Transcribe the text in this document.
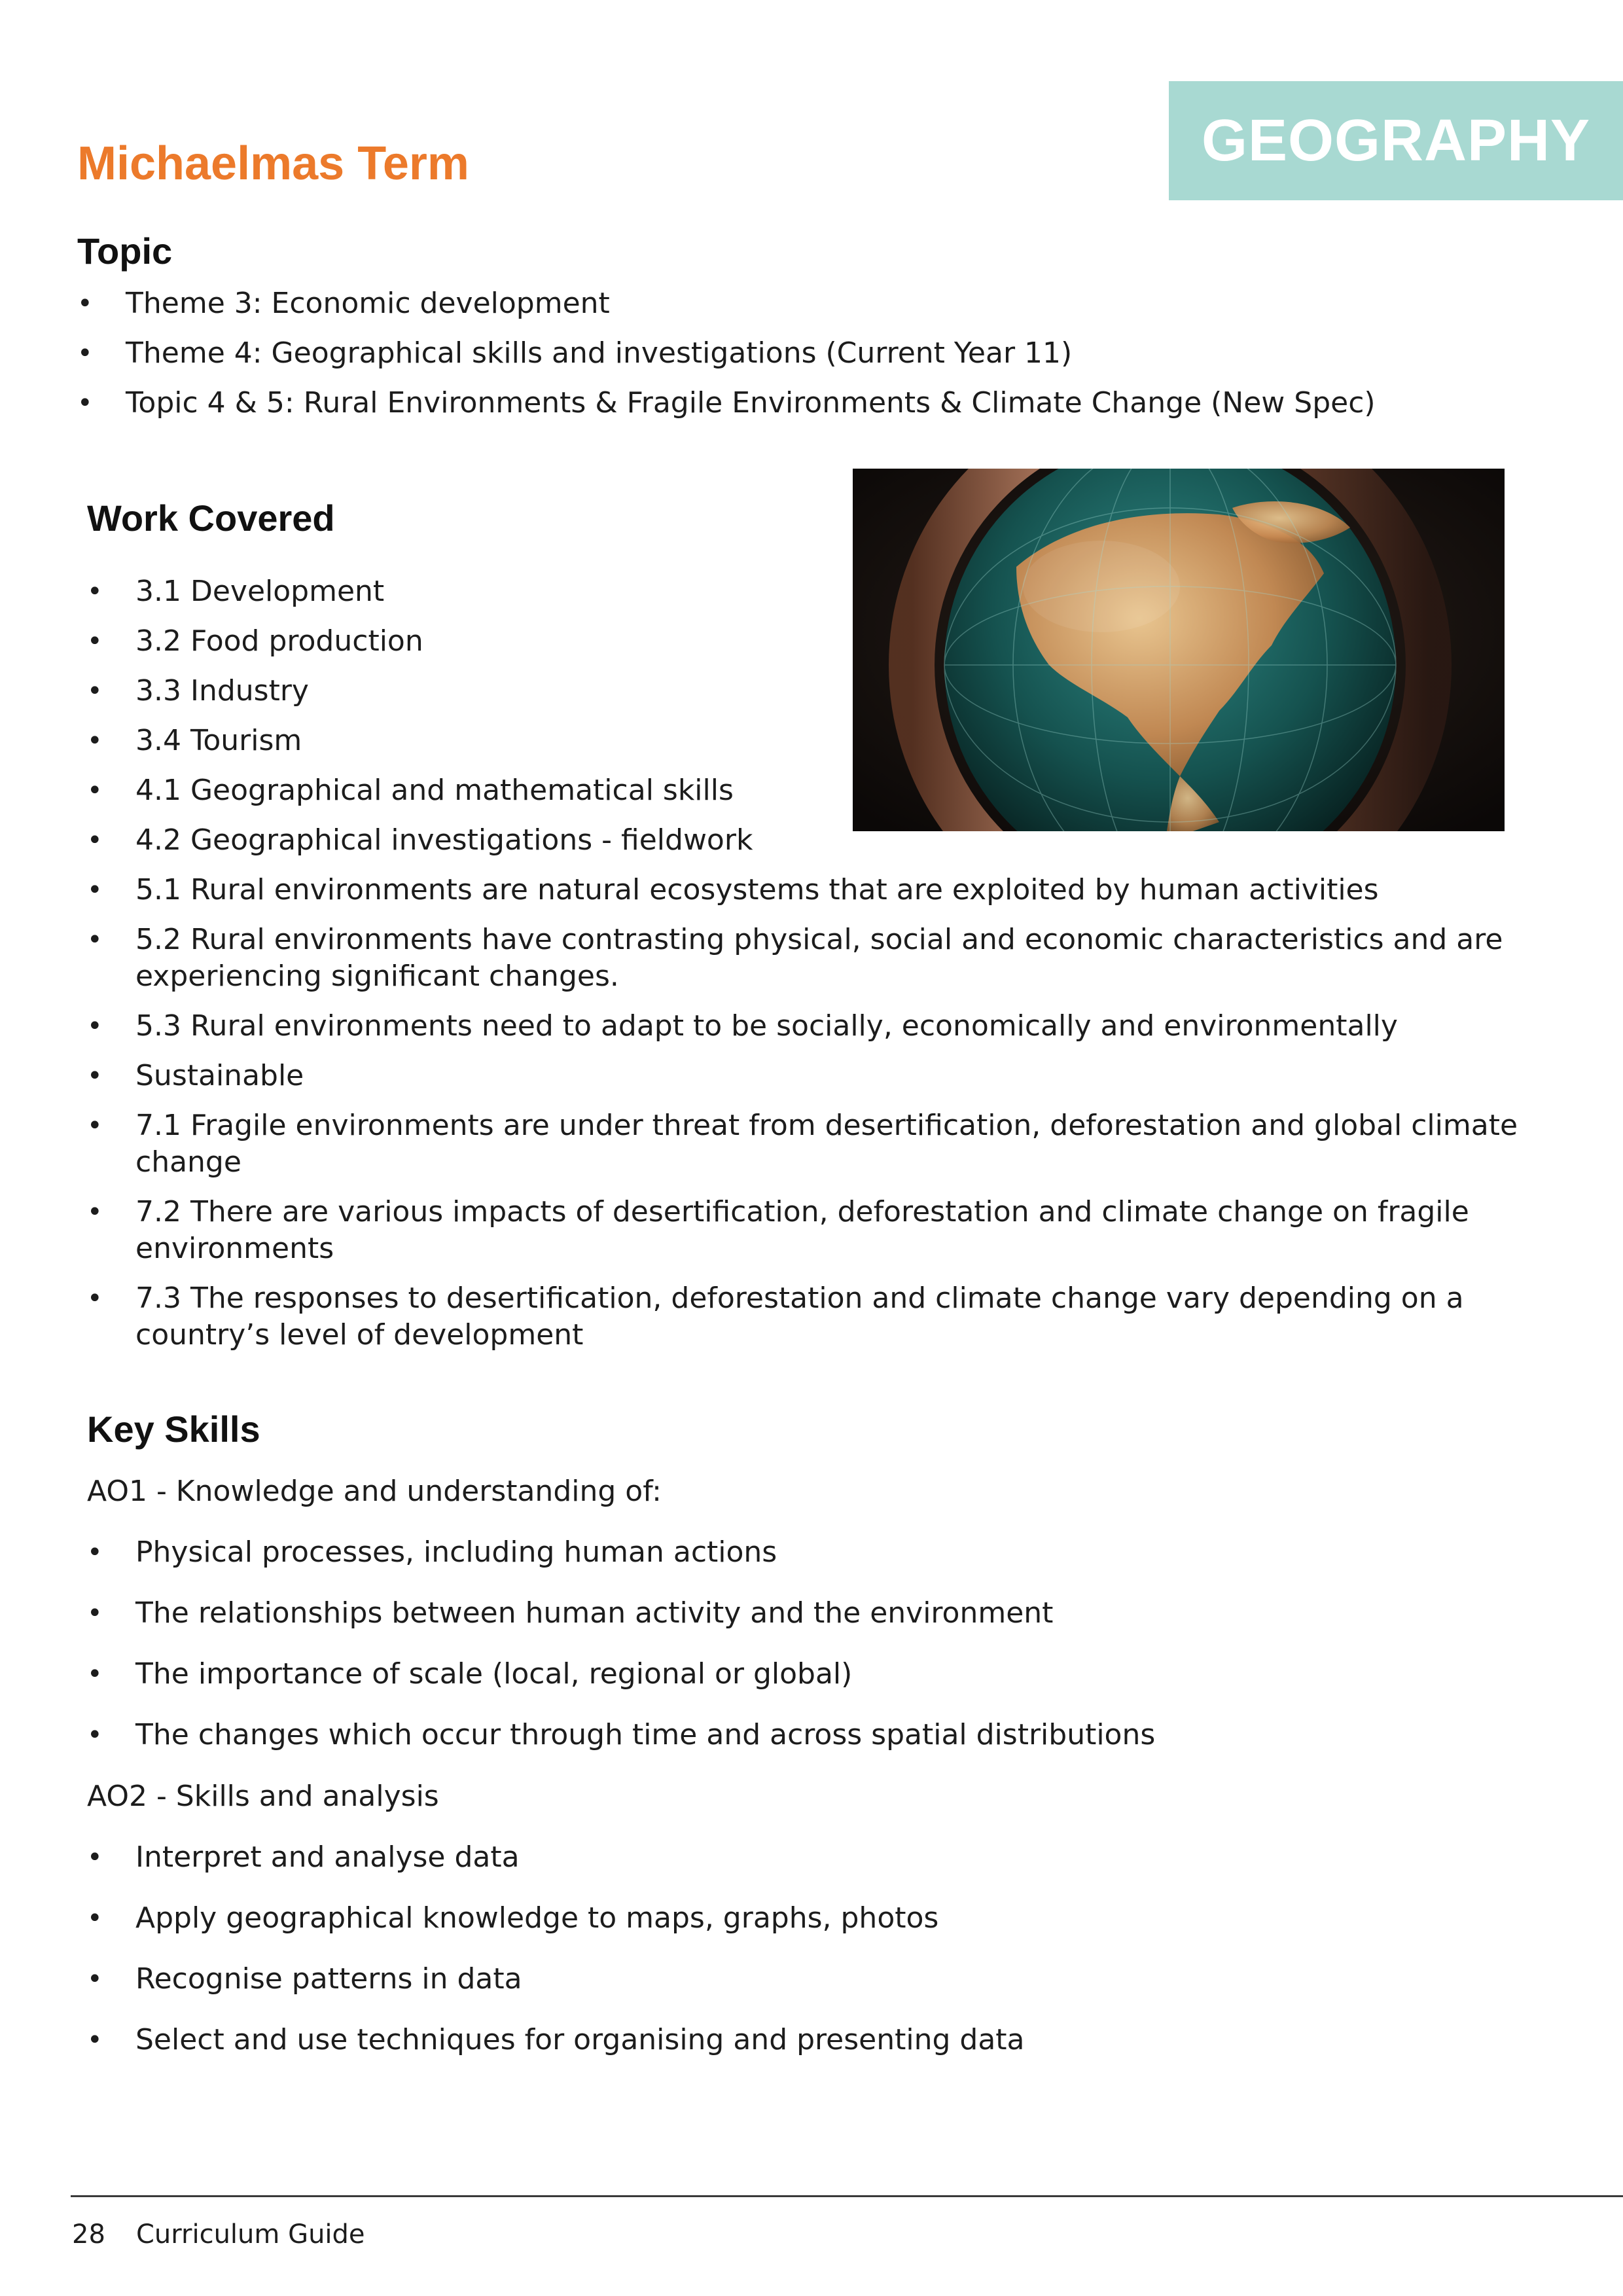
GEOGRAPHY
Michaelmas Term
Topic
•	Theme 3: Economic development
•	Theme 4: Geographical skills and investigations (Current Year 11)
•	Topic 4 & 5: Rural Environments & Fragile Environments & Climate Change (New Spec)
Work Covered
•	3.1 Development
•	3.2 Food production
•	3.3 Industry
•	3.4 Tourism
•	4.1 Geographical and mathematical skills
•	4.2 Geographical investigations - fieldwork
•	5.1 Rural environments are natural ecosystems that are exploited by human activities
•	5.2 Rural environments have contrasting physical, social and economic characteristics and are experiencing significant changes.
•	5.3 Rural environments need to adapt to be socially, economically and environmentally
•	Sustainable
•	7.1 Fragile environments are under threat from desertification, deforestation and global climate change
•	7.2 There are various impacts of desertification, deforestation and climate change on fragile environments
•	7.3 The responses to desertification, deforestation and climate change vary depending on a country’s level of development
Key Skills

AO1 - Knowledge and understanding of:

•	Physical processes, including human actions
•	The relationships between human activity and the environment
•	The importance of scale (local, regional or global)
•	The changes which occur through time and across spatial distributions

AO2 - Skills and analysis

•	Interpret and analyse data
•	Apply geographical knowledge to maps, graphs, photos
•	Recognise patterns in data
•	Select and use techniques for organising and presenting data
28 Curriculum Guide
